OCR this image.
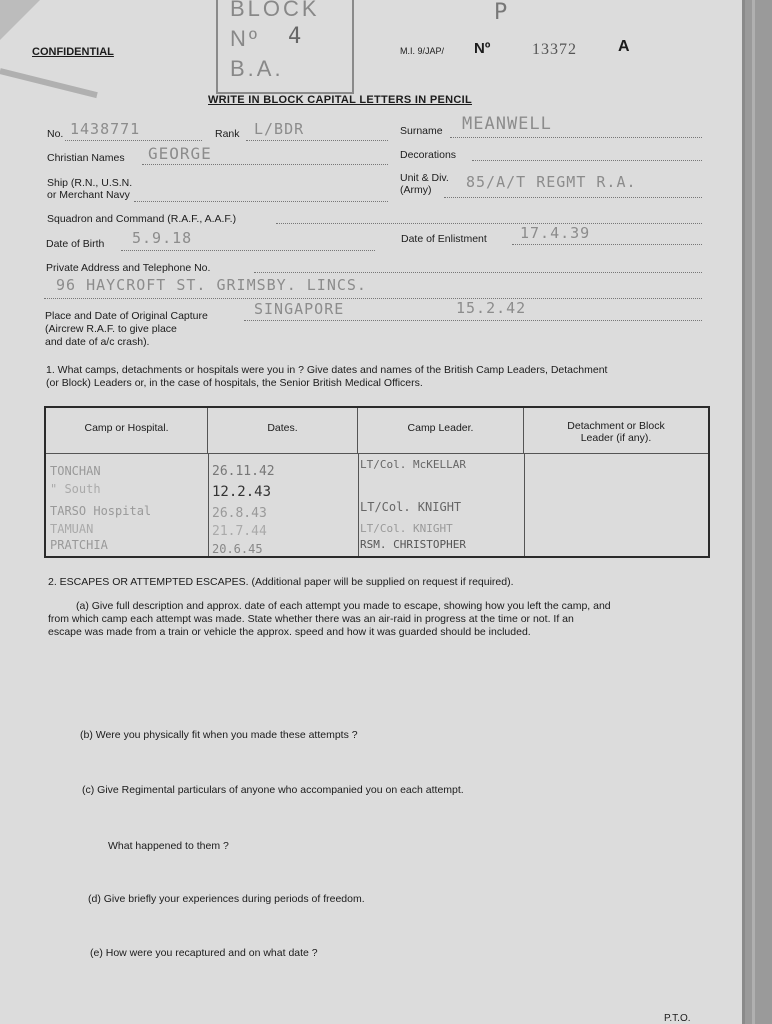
CONFIDENTIAL
BLOCK
Nº 4
B.A.
P
M.I. 9/JAP/ Nº	13372	A
WRITE IN BLOCK CAPITAL LETTERS IN PENCIL
No. 1438771	Rank L/BDR	Surname MEANWELL
Christian Names GEORGE	Decorations
Ship (R.N., U.S.N.
or Merchant Navy
Unit & Div.
(Army) 85/A/T REGMT R.A.
Squadron and Command (R.A.F., A.A.F.)
Date of Birth 5.9.18	Date of Enlistment 17.4.39
Private Address and Telephone No.
96 HAYCROFT ST. GRIMSBY. LINCS.
Place and Date of Original Capture
(Aircrew R.A.F. to give place
and date of a/c crash).
SINGAPORE	15.2.42
1. What camps, detachments or hospitals were you in ? Give dates and names of the British Camp Leaders, Detachment
(or Block) Leaders or, in the case of hospitals, the Senior British Medical Officers.
Camp or Hospital.	Dates.	Camp Leader.	Detachment or Block
Leader (if any).
TONCHAN	26.11.42	LT/Col. McKELLAR
" South	12.2.43
TARSO Hospital	26.8.43	LT/Col. KNIGHT
TAMUAN	21.7.44	LT/Col. KNIGHT
PRATCHIA	20.6.45	RSM. CHRISTOPHER
2. ESCAPES OR ATTEMPTED ESCAPES. (Additional paper will be supplied on request if required).
(a) Give full description and approx. date of each attempt you made to escape, showing how you left the camp, and
from which camp each attempt was made. State whether there was an air-raid in progress at the time or not. If an
escape was made from a train or vehicle the approx. speed and how it was guarded should be included.
(b) Were you physically fit when you made these attempts ?
(c) Give Regimental particulars of anyone who accompanied you on each attempt.
What happened to them ?
(d) Give briefly your experiences during periods of freedom.
(e) How were you recaptured and on what date ?
P.T.O.
